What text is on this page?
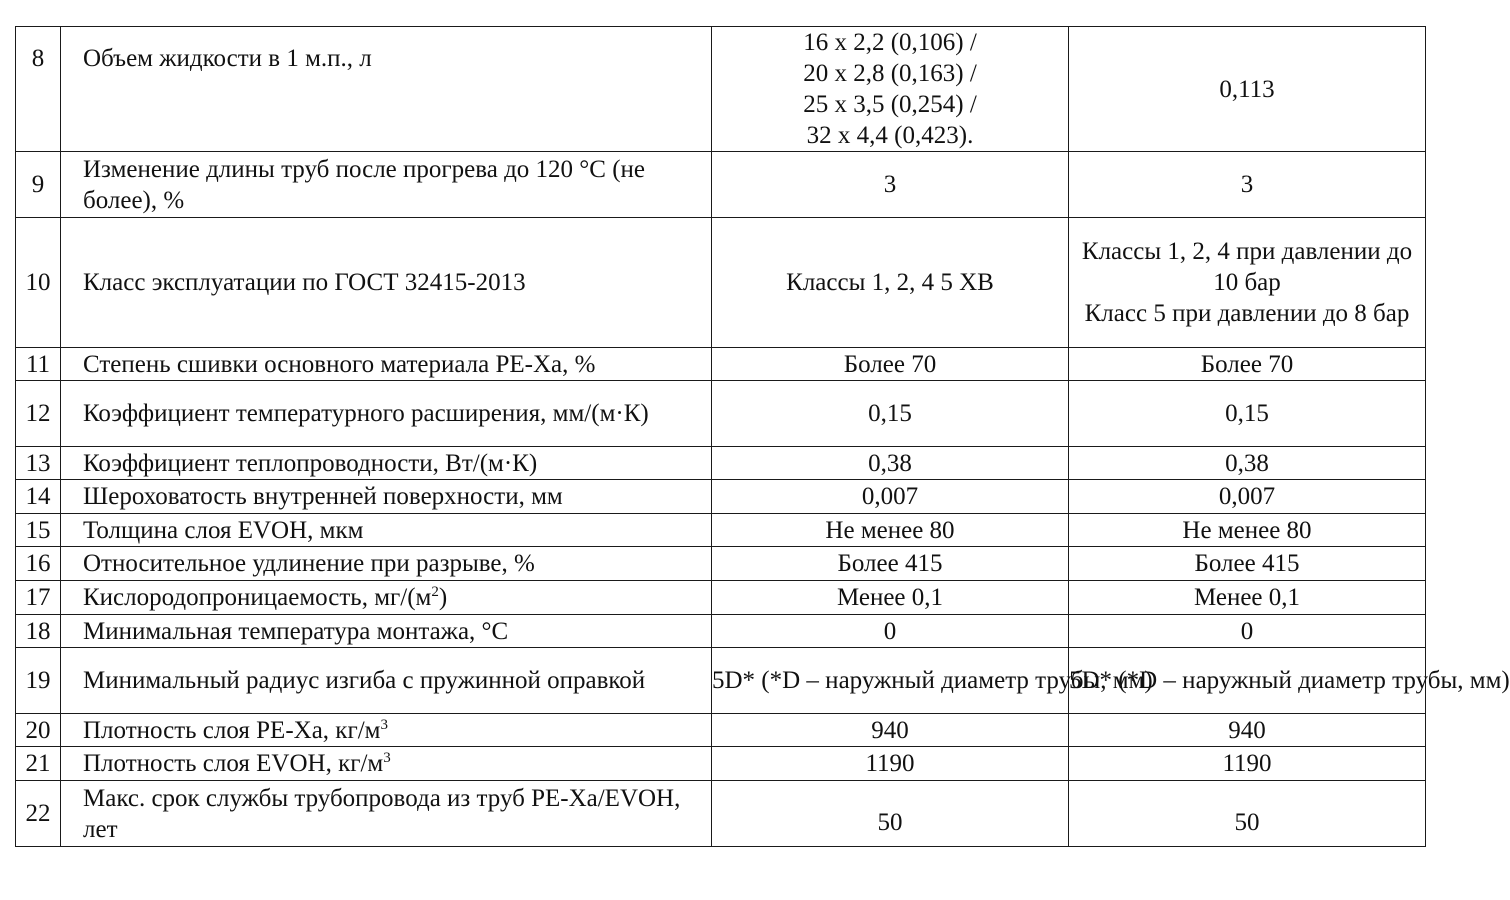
8	Объем жидкости в 1 м.п., л	16 х 2,2 (0,106) /
20 х 2,8 (0,163) /
25 х 3,5 (0,254) /
32 х 4,4 (0,423).	0,113
9	Изменение длины труб после прогрева до 120 °С (не более), %	3	3
10	Класс эксплуатации по ГОСТ 32415-2013	Классы 1, 2, 4 5 ХВ	Классы 1, 2, 4 при давлении до 10 бар
Класс 5 при давлении до 8 бар
11	Степень сшивки основного материала PE-Xa, %	Более 70	Более 70
12	Коэффициент температурного расширения, мм/(м·К)	0,15	0,15
13	Коэффициент теплопроводности, Вт/(м·К)	0,38	0,38
14	Шероховатость внутренней поверхности, мм	0,007	0,007
15	Толщина слоя EVOH, мкм	Не менее 80	Не менее 80
16	Относительное удлинение при разрыве, %	Более 415	Более 415
17	Кислородопроницаемость, $мг/(м^2)$	Менее 0,1	Менее 0,1
18	Минимальная температура монтажа, °С	0	0
19	Минимальный радиус изгиба с пружинной оправкой	5D* (*D – наружный диаметр трубы, мм)	5D* (*D – наружный диаметр трубы, мм)
20	Плотность слоя PE-Xa, $кг/м^3$	940	940
21	Плотность слоя EVOH, $кг/м^3$	1190	1190
22	Макс. срок службы трубопровода из труб PE-Xa/EVOH, лет	50	50
